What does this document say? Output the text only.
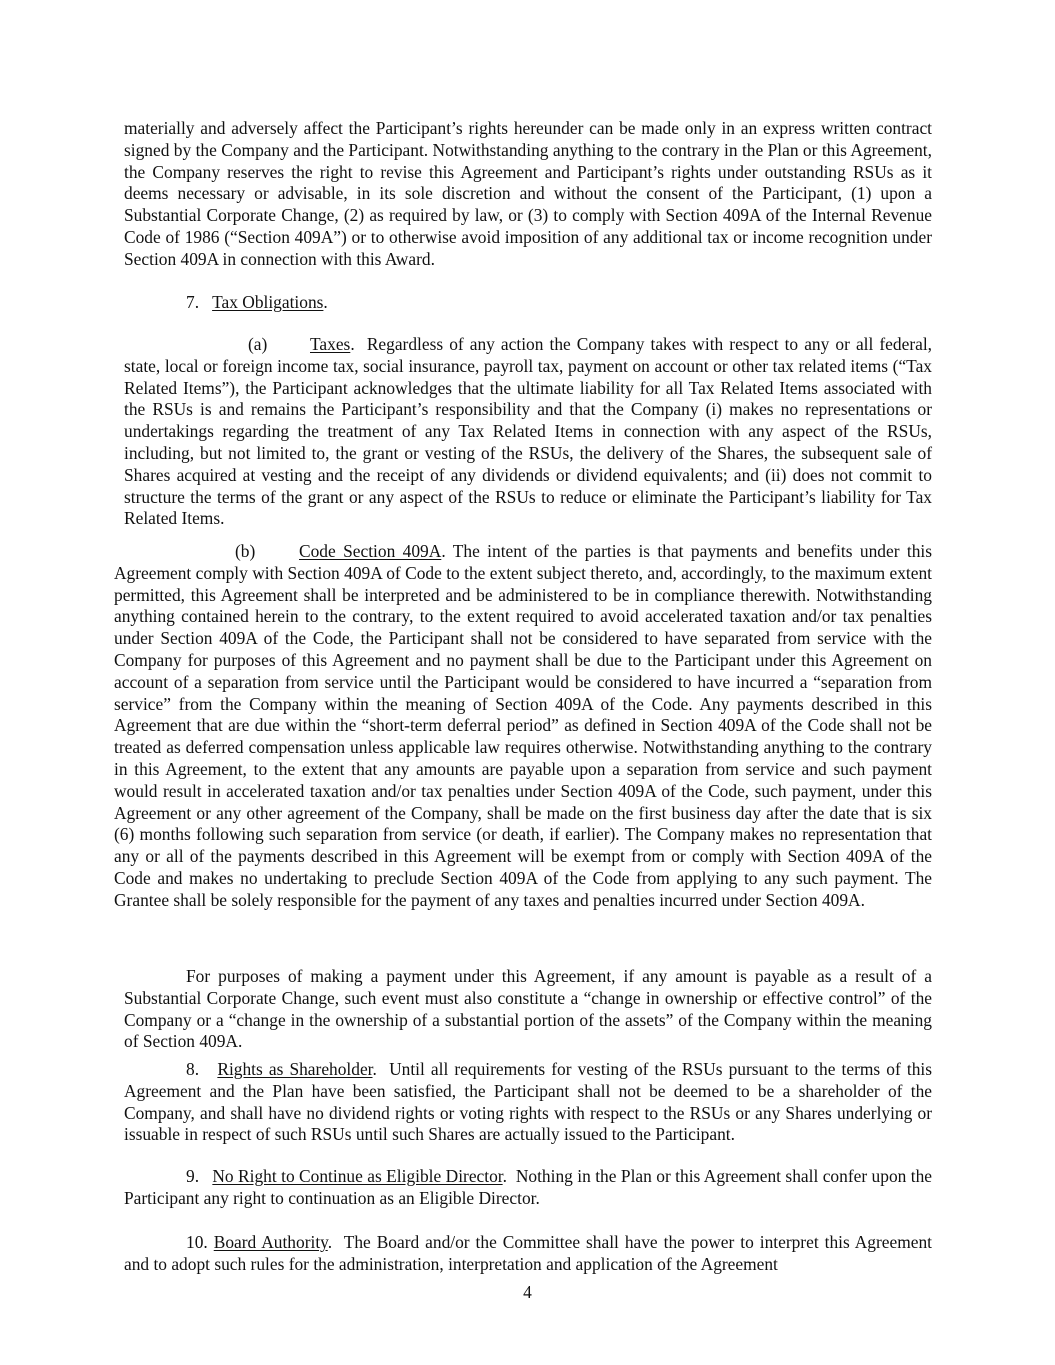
materially and adversely affect the Participant’s rights hereunder can be made only in an express written contract signed by the Company and the Participant. Notwithstanding anything to the contrary in the Plan or this Agreement, the Company reserves the right to revise this Agreement and Participant’s rights under outstanding RSUs as it deems necessary or advisable, in its sole discretion and without the consent of the Participant, (1) upon a Substantial Corporate Change, (2) as required by law, or (3) to comply with Section 409A of the Internal Revenue Code of 1986 (“Section 409A”) or to otherwise avoid imposition of any additional tax or income recognition under Section 409A in connection with this Award.

7. Tax Obligations.

(a) Taxes.  Regardless of any action the Company takes with respect to any or all federal, state, local or foreign income tax, social insurance, payroll tax, payment on account or other tax related items (“Tax Related Items”), the Participant acknowledges that the ultimate liability for all Tax Related Items associated with the RSUs is and remains the Participant’s responsibility and that the Company (i) makes no representations or undertakings regarding the treatment of any Tax Related Items in connection with any aspect of the RSUs, including, but not limited to, the grant or vesting of the RSUs, the delivery of the Shares, the subsequent sale of Shares acquired at vesting and the receipt of any dividends or dividend equivalents; and (ii) does not commit to structure the terms of the grant or any aspect of the RSUs to reduce or eliminate the Participant’s liability for Tax Related Items.

(b)	Code Section 409A. The intent of the parties is that payments and benefits under this Agreement comply with Section 409A of Code to the extent subject thereto, and, accordingly, to the maximum extent permitted, this Agreement shall be interpreted and be administered to be in compliance therewith. Notwithstanding anything contained herein to the contrary, to the extent required to avoid accelerated taxation and/or tax penalties under Section 409A of the Code, the Participant shall not be considered to have separated from service with the Company for purposes of this Agreement and no payment shall be due to the Participant under this Agreement on account of a separation from service until the Participant would be considered to have incurred a “separation from service” from the Company within the meaning of Section 409A of the Code. Any payments described in this Agreement that are due within the “short-term deferral period” as defined in Section 409A of the Code shall not be treated as deferred compensation unless applicable law requires otherwise. Notwithstanding anything to the contrary in this Agreement, to the extent that any amounts are payable upon a separation from service and such payment would result in accelerated taxation and/or tax penalties under Section 409A of the Code, such payment, under this Agreement or any other agreement of the Company, shall be made on the first business day after the date that is six (6) months following such separation from service (or death, if earlier). The Company makes no representation that any or all of the payments described in this Agreement will be exempt from or comply with Section 409A of the Code and makes no undertaking to preclude Section 409A of the Code from applying to any such payment. The Grantee shall be solely responsible for the payment of any taxes and penalties incurred under Section 409A.

For purposes of making a payment under this Agreement, if any amount is payable as a result of a Substantial Corporate Change, such event must also constitute a “change in ownership or effective control” of the Company or a “change in the ownership of a substantial portion of the assets” of the Company within the meaning of Section 409A.

8. Rights as Shareholder.  Until all requirements for vesting of the RSUs pursuant to the terms of this Agreement and the Plan have been satisfied, the Participant shall not be deemed to be a shareholder of the Company, and shall have no dividend rights or voting rights with respect to the RSUs or any Shares underlying or issuable in respect of such RSUs until such Shares are actually issued to the Participant.

9. No Right to Continue as Eligible Director.  Nothing in the Plan or this Agreement shall confer upon the Participant any right to continuation as an Eligible Director.

10. Board Authority.  The Board and/or the Committee shall have the power to interpret this Agreement and to adopt such rules for the administration, interpretation and application of the Agreement

4
